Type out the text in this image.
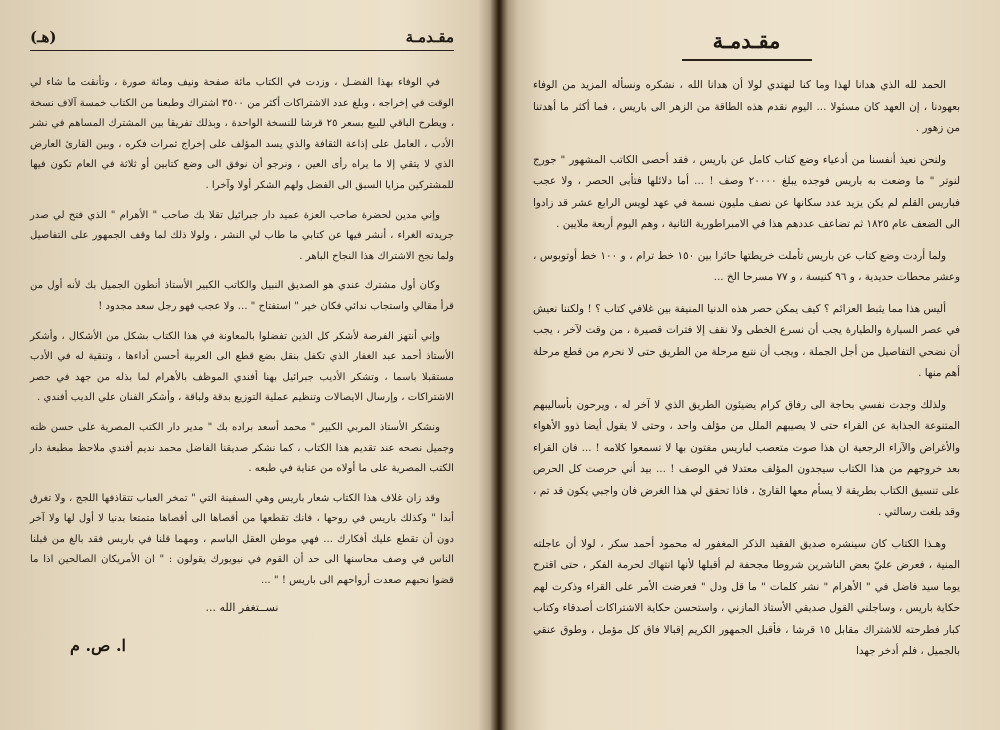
مقـدمـة
(هـ)

في الوفاء بهذا الفضـل ، وزدت في الكتاب مائة صفحة ونيف ومائة صورة ، وتأنقت ما شاء لي الوقت في إخراجه ، وبلغ عدد الاشتراكات أكثر من ٣٥٠٠ اشتراك وطبعنا من الكتاب خمسة آلاف نسخة ، ويطرح الباقي للبيع بسعر ٢٥ قرشا للنسخة الواحدة ، وبذلك تفريقا بين المشترك المساهم في نشر الأدب ، العامل على إذاعة الثقافة والذي يسد المؤلف على إخراج ثمرات فكره ، وبين القارئ العارض الذي لا يتقي إلا ما يراه رأى العين ، ونرجو أن نوفق الى وضع كتابين أو ثلاثة في العام تكون فيها للمشتركين مزايا السبق الى الفضل ولهم الشكر أولا وآخرا .

وإني مدين لحضرة صاحب العزة عميد دار جبرائيل تقلا بك صاحب " الأهرام " الذي فتح لي صدر جريدته الغراء ، أنشر فيها عن كتابي ما طاب لي النشر ، ولولا ذلك لما وقف الجمهور على التفاصيل ولما نجح الاشتراك هذا النجاح الباهر .

وكان أول مشترك عندي هو الصديق النبيل والكاتب الكبير الأستاذ أنطون الجميل بك لأنه أول من قرأ مقالي واستجاب ندائي فكان خير " استفتاح " ... ولا عجب فهو رجل سعد مجدود !

وإني أنتهز الفرصة لأشكر كل الذين تفضلوا بالمعاونة في هذا الكتاب بشكل من الأشكال ، وأشكر الأستاذ أحمد عبد الغفار الذي تكفل بنقل بضع قطع الى العربية أحسن أداءها ، وتنقية له في الأدب مستقبلا باسما ، وتشكر الأديب جبرائيل بهنا أفندي الموظف بالأهرام لما بذله من جهد في حصر الاشتراكات ، وإرسال الايصالات وتنظيم عملية التوزيع بدقة ولباقة ، وأشكر الفنان علي الديب أفندي .

ونشكر الأستاذ المربي الكبير " محمد أسعد براده بك " مدير دار الكتب المصرية على حسن ظنه وجميل نصحه عند تقديم هذا الكتاب ، كما نشكر صديقنا الفاضل محمد نديم أفندي ملاحظ مطبعة دار الكتب المصرية على ما أولاه من عناية في طبعه .

وقد زان غلاف هذا الكتاب شعار باريس وهي السفينة التي " تمخر العباب تتقاذفها اللجج ، ولا تغرق أبدا " وكذلك باريس في روحها ، فانك تقطعها من أقصاها الى أقصاها متمتعا بدنيا لا أول لها ولا آخر دون أن تقطع عليك أفكارك ... فهي موطن العقل الباسم ، ومهما قلنا في باريس فقد بالغ من قبلنا الناس في وصف محاسنها الى حد أن القوم في نيويورك يقولون : " ان الأمريكان الصالحين اذا ما قضوا نحبهم صعدت أرواحهم الى باريس ! " ...

نســتغفر الله ...

ا. ص. م

مقـدمـة

الحمد لله الذي هدانا لهذا وما كنا لنهتدي لولا أن هدانا الله ، نشكره ونسأله المزيد من الوفاء بعهودنا ، إن العهد كان مسئولا ... اليوم نقدم هذه الطاقة من الزهر الى باريس ، فما أكثر ما أهدتنا من زهور .

ولنحن نعيذ أنفسنا من أدعياء وضع كتاب كامل عن باريس ، فقد أحصى الكاتب المشهور " جورج لنوتر " ما وضعت به باريس فوجده يبلغ ٢٠٠٠٠ وصف ! ... أما دلائلها فتأبى الحصر ، ولا عجب فباريس القلم لم يكن يزيد عدد سكانها عن نصف مليون نسمة في عهد لويس الرابع عشر قد زادوا الى الضعف عام ١٨٢٥ ثم تضاعف عددهم هذا في الامبراطورية الثانية ، وهم اليوم أربعة ملايين .

ولما أردت وضع كتاب عن باريس تأملت خريطتها حائرا بين ١٥٠ خط ترام ، و ١٠٠ خط أوتوبوس ، وعشر محطات حديدية ، و ٩٦ كنيسة ، و ٧٧ مسرحا الخ ...

أليس هذا مما يثبط العزائم ؟ كيف يمكن حصر هذه الدنيا المنيفة بين غلافي كتاب ؟ ! ولكننا نعيش في عصر السيارة والطيارة يجب أن نسرع الخطى ولا نقف إلا فترات قصيرة ، من وقت لآخر ، يجب أن نضحي التفاصيل من أجل الجملة ، ويجب أن نتبع مرحلة من الطريق حتى لا نحرم من قطع مرحلة أهم منها .

ولذلك وجدت نفسي بحاجة الى رفاق كرام يضيئون الطريق الذي لا آخر له ، ويرحون بأساليبهم المتنوعة الجذابة عن القراء حتى لا يصيبهم الملل من مؤلف واحد ، وحتى لا يقول أيضا ذوو الأهواء والأغراض والآراء الرجعية ان هذا صوت متعصب لباريس مفتون بها لا تسمعوا كلامه ! ... فان القراء بعد خروجهم من هذا الكتاب سيجدون المؤلف معتدلا في الوصف ! ... بيد أني حرصت كل الحرص على تنسيق الكتاب بطريقة لا يسأم معها القارئ ، فاذا تحقق لي هذا الغرض فان واجبي يكون قد تم ، وقد بلغت رسالتي .

وهـذا الكتاب كان سينشره صديق الفقيد الذكر المغفور له محمود أحمد سكر ، لولا أن عاجلته المنية ، فعرض عليّ بعض الناشرين شروطا مجحفة لم أقبلها لأنها انتهاك لحرمة الفكر ، حتى اقترح يوما سيد فاضل في " الأهرام " نشر كلمات " ما قل ودل " فعرضت الأمر على القراء وذكرت لهم حكاية باريس ، وساجلني القول صديقي الأستاذ المازني ، واستحسن حكاية الاشتراكات أصدقاء وكتاب كبار فطرحته للاشتراك مقابل ١٥ قرشا ، فأقبل الجمهور الكريم إقبالا فاق كل مؤمل ، وطوق عنقي بالجميل ، فلم أدخر جهدا
